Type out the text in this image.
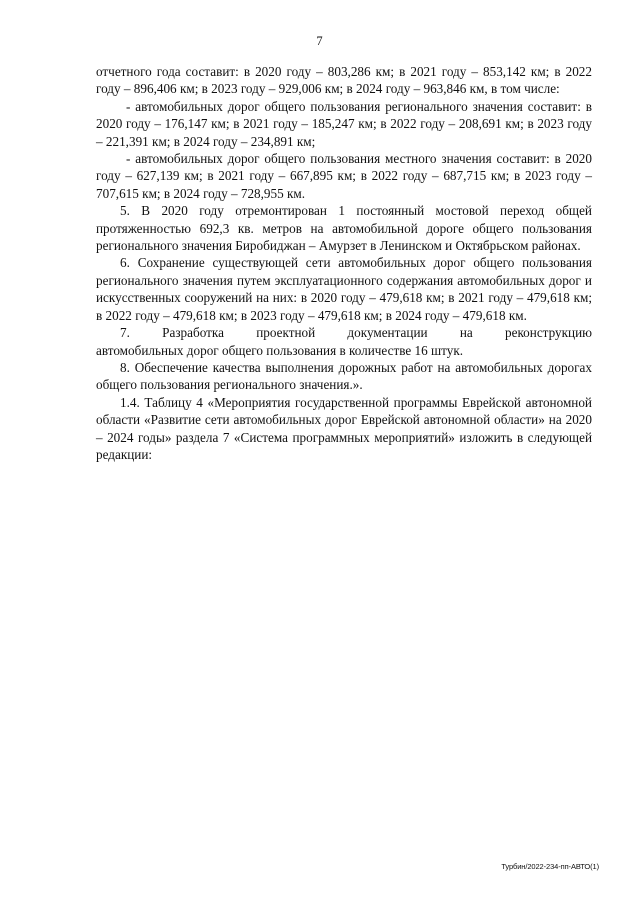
7

отчетного года составит: в 2020 году – 803,286 км; в 2021 году – 853,142 км; в 2022 году – 896,406 км; в 2023 году – 929,006 км; в 2024 году – 963,846 км, в том числе:

- автомобильных дорог общего пользования регионального значения составит: в 2020 году – 176,147 км; в 2021 году – 185,247 км; в 2022 году – 208,691 км; в 2023 году – 221,391 км; в 2024 году – 234,891 км;

- автомобильных дорог общего пользования местного значения составит: в 2020 году – 627,139 км; в 2021 году – 667,895 км; в 2022 году – 687,715 км; в 2023 году – 707,615 км; в 2024 году – 728,955 км.

5. В 2020 году отремонтирован 1 постоянный мостовой переход общей протяженностью 692,3 кв. метров на автомобильной дороге общего пользования регионального значения Биробиджан – Амурзет в Ленинском и Октябрьском районах.

6. Сохранение существующей сети автомобильных дорог общего пользования регионального значения путем эксплуатационного содержания автомобильных дорог и искусственных сооружений на них: в 2020 году – 479,618 км; в 2021 году – 479,618 км; в 2022 году – 479,618 км; в 2023 году – 479,618 км; в 2024 году – 479,618 км.

7. Разработка проектной документации на реконструкцию

автомобильных дорог общего пользования в количестве 16 штук.

8. Обеспечение качества выполнения дорожных работ на автомобильных дорогах общего пользования регионального значения.».

1.4. Таблицу 4 «Мероприятия государственной программы Еврейской автономной области «Развитие сети автомобильных дорог Еврейской автономной области» на 2020 – 2024 годы» раздела 7 «Система программных мероприятий» изложить в следующей редакции:

Турбин/2022-234-пп-АВТО(1)
